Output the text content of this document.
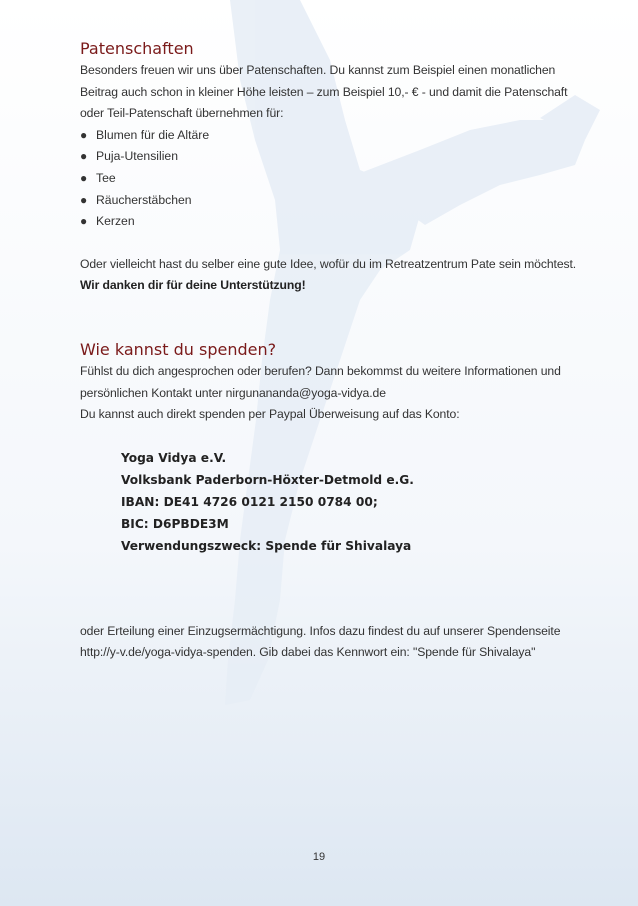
Patenschaften

Besonders freuen wir uns über Patenschaften. Du kannst zum Beispiel einen monatlichen Beitrag auch schon in kleiner Höhe leisten – zum Beispiel 10,- € - und damit die Patenschaft oder Teil-Patenschaft übernehmen für:

● Blumen für die Altäre
● Puja-Utensilien
● Tee
● Räucherstäbchen
● Kerzen

Oder vielleicht hast du selber eine gute Idee, wofür du im Retreatzentrum Pate sein möchtest. Wir danken dir für deine Unterstützung!

Wie kannst du spenden?

Fühlst du dich angesprochen oder berufen? Dann bekommst du weitere Informationen und persönlichen Kontakt unter nirgunananda@yoga-vidya.de

Du kannst auch direkt spenden per Paypal Überweisung auf das Konto:

Yoga Vidya e.V.
Volksbank Paderborn-Höxter-Detmold e.G.
IBAN: DE41 4726 0121 2150 0784 00;
BIC: D6PBDE3M
Verwendungszweck: Spende für Shivalaya

oder Erteilung einer Einzugsermächtigung. Infos dazu findest du auf unserer Spendenseite http://y-v.de/yoga-vidya-spenden. Gib dabei das Kennwort ein: "Spende für Shivalaya"

19
